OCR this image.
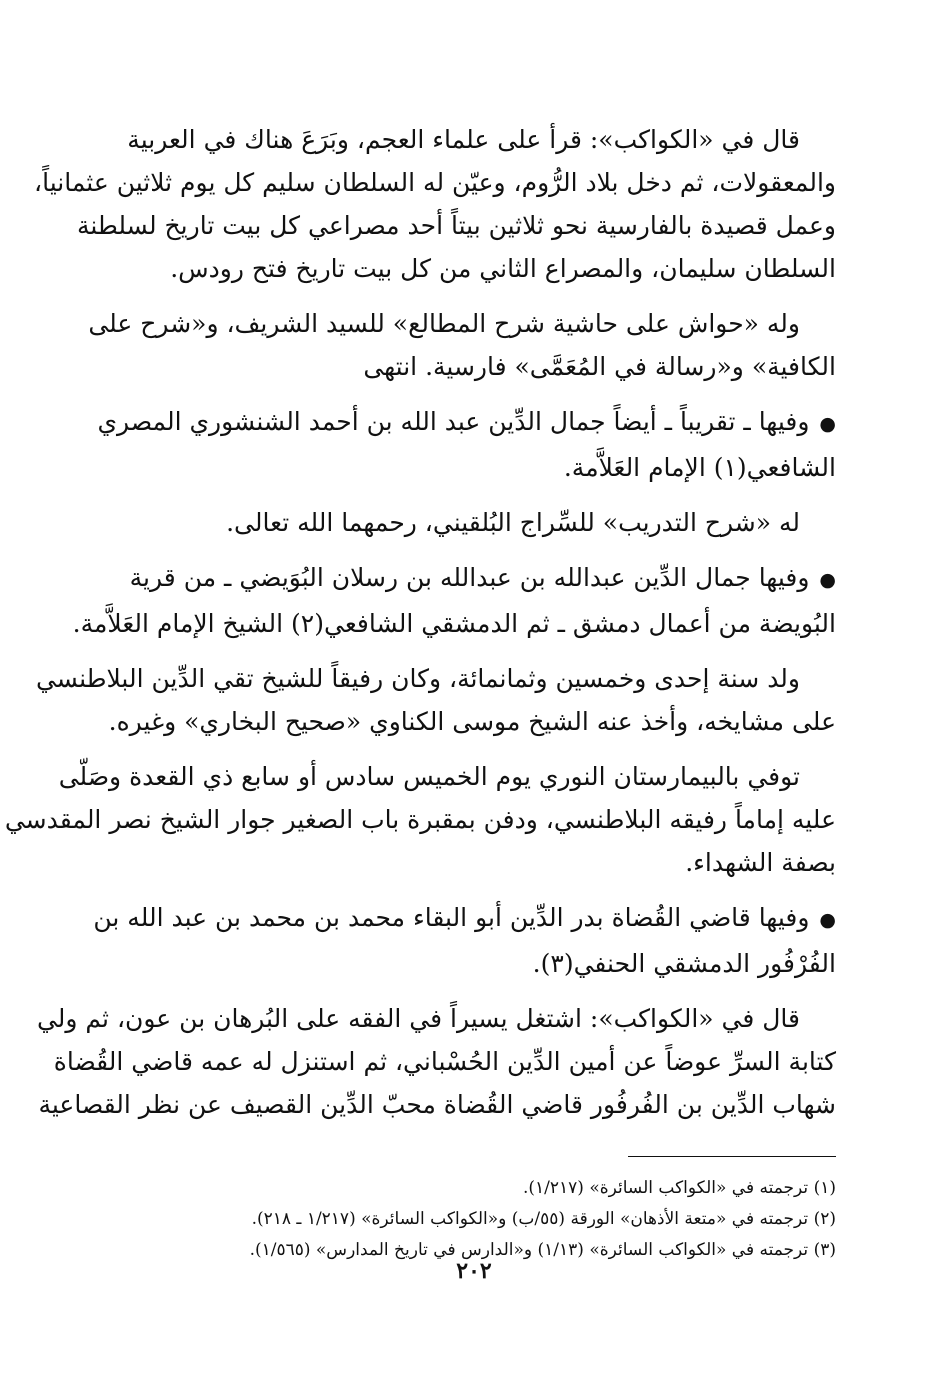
قال في «الكواكب»: قرأ على علماء العجم، وبَرَعَ هناك في العربية
والمعقولات، ثم دخل بلاد الرُّوم، وعيّن له السلطان سليم كل يوم ثلاثين عثمانياً،
وعمل قصيدة بالفارسية نحو ثلاثين بيتاً أحد مصراعي كل بيت تاريخ لسلطنة
السلطان سليمان، والمصراع الثاني من كل بيت تاريخ فتح رودس.
وله «حواش على حاشية شرح المطالع» للسيد الشريف، و«شرح على
الكافية» و«رسالة في المُعَمَّى» فارسية. انتهى
●وفيها ـ تقريباً ـ أيضاً جمال الدِّين عبد الله بن أحمد الشنشوري المصري
الشافعي(١) الإمام العَلاَّمة.
له «شرح التدريب» للسِّراج البُلقيني، رحمهما الله تعالى.
●وفيها جمال الدِّين عبدالله بن عبدالله بن رسلان البُوَيضي ـ من قرية
البُويضة من أعمال دمشق ـ ثم الدمشقي الشافعي(٢) الشيخ الإمام العَلاَّمة.
ولد سنة إحدى وخمسين وثمانمائة، وكان رفيقاً للشيخ تقي الدِّين البلاطنسي
على مشايخه، وأخذ عنه الشيخ موسى الكناوي «صحيح البخاري» وغيره.
توفي بالبيمارستان النوري يوم الخميس سادس أو سابع ذي القعدة وصَلّى
عليه إماماً رفيقه البلاطنسي، ودفن بمقبرة باب الصغير جوار الشيخ نصر المقدسي
بصفة الشهداء.
●وفيها قاضي القُضاة بدر الدِّين أبو البقاء محمد بن محمد بن عبد الله بن
الفُرْفُور الدمشقي الحنفي(٣).
قال في «الكواكب»: اشتغل يسيراً في الفقه على البُرهان بن عون، ثم ولي
كتابة السرِّ عوضاً عن أمين الدِّين الحُسْباني، ثم استنزل له عمه قاضي القُضاة
شهاب الدِّين بن الفُرفُور قاضي القُضاة محبّ الدِّين القصيف عن نظر القصاعية
(١) ترجمته في «الكواكب السائرة» (١/٢١٧).
(٢) ترجمته في «متعة الأذهان» الورقة (٥٥/ب) و«الكواكب السائرة» (١/٢١٧ ـ ٢١٨).
(٣) ترجمته في «الكواكب السائرة» (١/١٣) و«الدارس في تاريخ المدارس» (١/٥٦٥).
٢٠٢
